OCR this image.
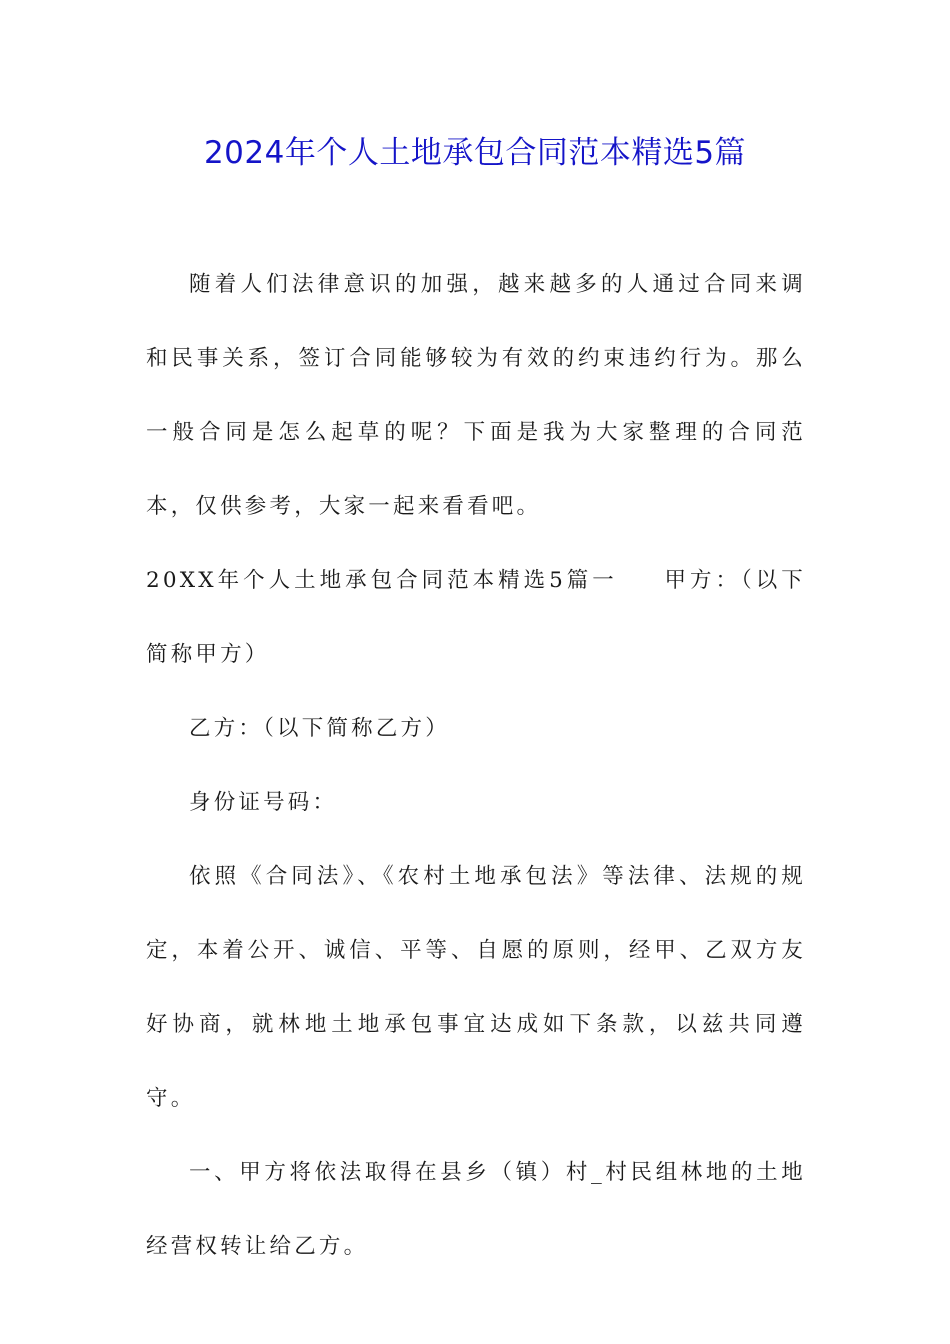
2024年个人土地承包合同范本精选5篇

随着人们法律意识的加强，越来越多的人通过合同来调和民事关系，签订合同能够较为有效的约束违约行为。那么一般合同是怎么起草的呢？下面是我为大家整理的合同范本，仅供参考，大家一起来看看吧。

20XX年个人土地承包合同范本精选5篇一 甲方：（以下简称甲方）

乙方：（以下简称乙方）

身份证号码：

依照《合同法》、《农村土地承包法》等法律、法规的规定，本着公开、诚信、平等、自愿的原则，经甲、乙双方友好协商，就林地土地承包事宜达成如下条款，以兹共同遵守。

一、甲方将依法取得在县乡（镇）村_村民组林地的土地经营权转让给乙方。
